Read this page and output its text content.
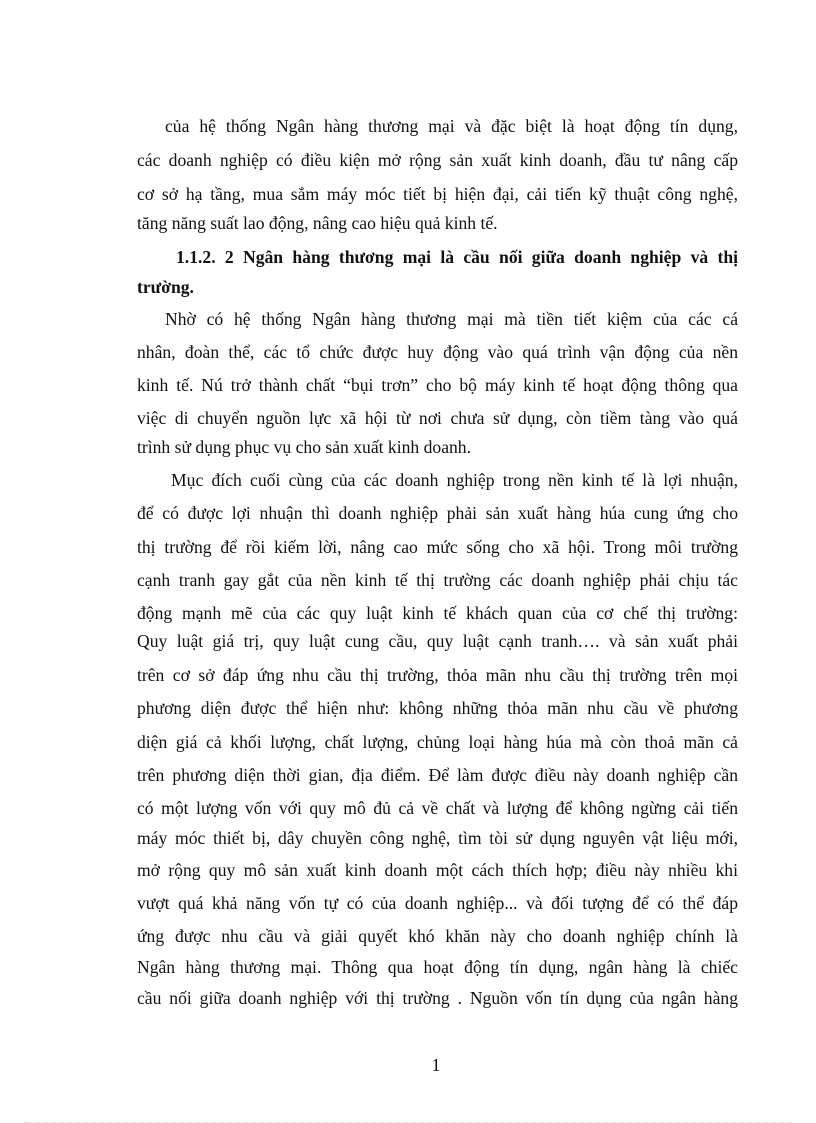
của hệ thống Ngân hàng thương mại và đặc biệt là hoạt động tín dụng,
các doanh nghiệp có điều kiện mở rộng sản xuất kinh doanh, đầu tư nâng cấp
cơ sở hạ tầng, mua sắm máy móc tiết bị hiện đại, cải tiến kỹ thuật công nghệ,
tăng năng suất lao động, nâng cao hiệu quả kinh tế.
1.1.2. 2 Ngân hàng thương mại là cầu nối giữa doanh nghiệp và thị
trường.
Nhờ có hệ thống Ngân hàng thương mại mà tiền tiết kiệm của các cá
nhân, đoàn thể, các tổ chức được huy động vào quá trình vận động của nền
kinh tế. Nú trở thành chất “bụi trơn” cho bộ máy kinh tế hoạt động thông qua
việc di chuyển nguồn lực xã hội từ nơi chưa sử dụng, còn tiềm tàng vào quá
trình sử dụng phục vụ cho sản xuất kinh doanh.
Mục đích cuối cùng của các doanh nghiệp trong nền kinh tế là lợi nhuận,
để có được lợi nhuận thì doanh nghiệp phải sản xuất hàng húa cung ứng cho
thị trường để rồi kiếm lời, nâng cao mức sống cho xã hội. Trong môi trường
cạnh tranh gay gắt của nền kinh tế thị trường các doanh nghiệp phải chịu tác
động mạnh mẽ của các quy luật kinh tế khách quan của cơ chế thị trường:
Quy luật giá trị, quy luật cung cầu, quy luật cạnh tranh…. và sản xuất phải
trên cơ sở đáp ứng nhu cầu thị trường, thỏa mãn nhu cầu thị trường trên mọi
phương diện được thể hiện như: không những thỏa mãn nhu cầu về phương
diện giá cả khối lượng, chất lượng, chủng loại hàng húa mà còn thoả mãn cả
trên phương diện thời gian, địa điểm. Để làm được điều này doanh nghiệp cần
có một lượng vốn với quy mô đủ cả về chất và lượng để không ngừng cải tiến
máy móc thiết bị, dây chuyền công nghệ, tìm tòi sử dụng nguyên vật liệu mới,
mở rộng quy mô sản xuất kinh doanh một cách thích hợp; điều này nhiều khi
vượt quá khả năng vốn tự có của doanh nghiệp... và đối tượng để có thể đáp
ứng được nhu cầu và giải quyết khó khăn này cho doanh nghiệp chính là
Ngân hàng thương mại. Thông qua hoạt động tín dụng, ngân hàng là chiếc
cầu nối giữa doanh nghiệp với thị trường . Nguồn vốn tín dụng của ngân hàng
1
